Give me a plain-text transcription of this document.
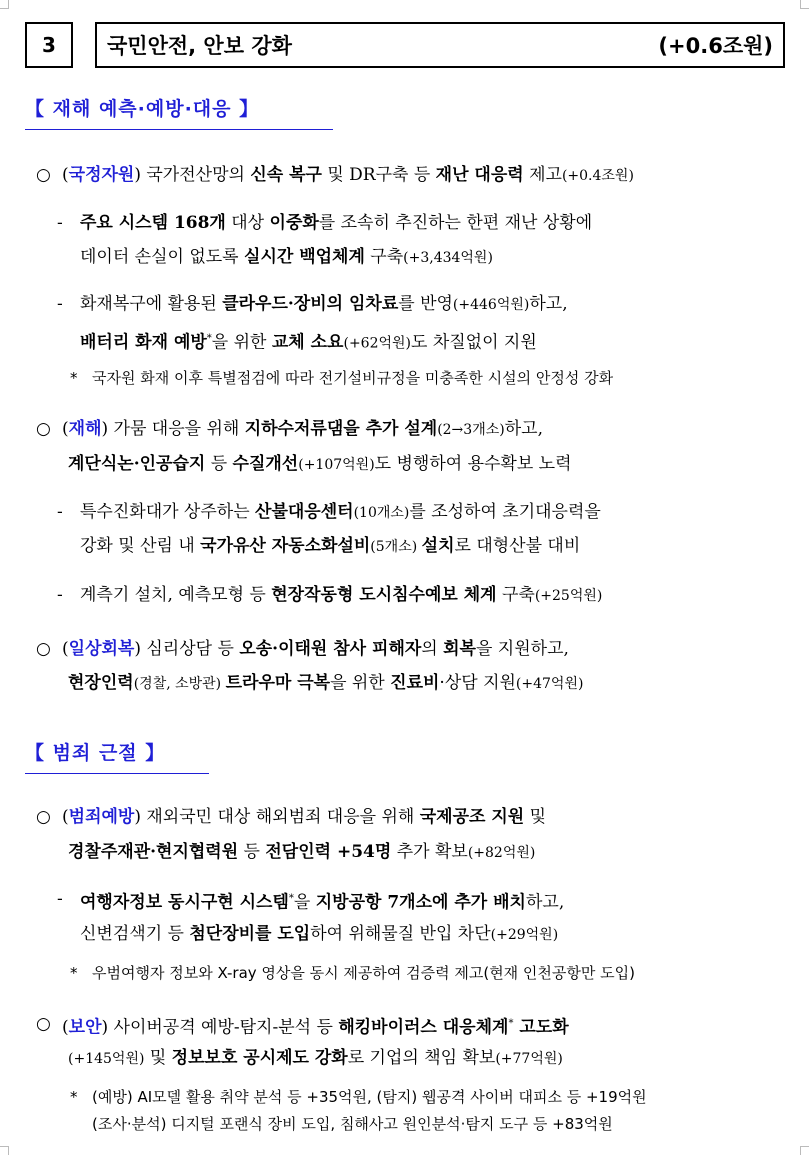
3 국민안전, 안보 강화	(+0.6조원)
【 재해 예측·예방·대응 】
○ (국정자원) 국가전산망의 신속 복구 및 DR구축 등 재난 대응력 제고(+0.4조원)
- 주요 시스템 168개 대상 이중화를 조속히 추진하는 한편 재난 상황에
데이터 손실이 없도록 실시간 백업체계 구축(+3,434억원)
- 화재복구에 활용된 클라우드·장비의 임차료를 반영(+446억원)하고,
배터리 화재 예방*을 위한 교체 소요(+62억원)도 차질없이 지원
* 국자원 화재 이후 특별점검에 따라 전기설비규정을 미충족한 시설의 안정성 강화
○ (재해) 가뭄 대응을 위해 지하수저류댐을 추가 설계(2→3개소)하고,
계단식논·인공습지 등 수질개선(+107억원)도 병행하여 용수확보 노력
- 특수진화대가 상주하는 산불대응센터(10개소)를 조성하여 초기대응력을
강화 및 산림 내 국가유산 자동소화설비(5개소) 설치로 대형산불 대비
- 계측기 설치, 예측모형 등 현장작동형 도시침수예보 체계 구축(+25억원)
○ (일상회복) 심리상담 등 오송·이태원 참사 피해자의 회복을 지원하고,
현장인력(경찰, 소방관) 트라우마 극복을 위한 진료비·상담 지원(+47억원)
【 범죄 근절 】
○ (범죄예방) 재외국민 대상 해외범죄 대응을 위해 국제공조 지원 및
경찰주재관·현지협력원 등 전담인력 +54명 추가 확보(+82억원)
- 여행자정보 동시구현 시스템*을 지방공항 7개소에 추가 배치하고,
신변검색기 등 첨단장비를 도입하여 위해물질 반입 차단(+29억원)
* 우범여행자 정보와 X-ray 영상을 동시 제공하여 검증력 제고(현재 인천공항만 도입)
○ (보안) 사이버공격 예방-탐지-분석 등 해킹바이러스 대응체계* 고도화
(+145억원) 및 정보보호 공시제도 강화로 기업의 책임 확보(+77억원)
* (예방) AI모델 활용 취약 분석 등 +35억원, (탐지) 웹공격 사이버 대피소 등 +19억원
(조사·분석) 디지털 포랜식 장비 도입, 침해사고 원인분석·탐지 도구 등 +83억원
